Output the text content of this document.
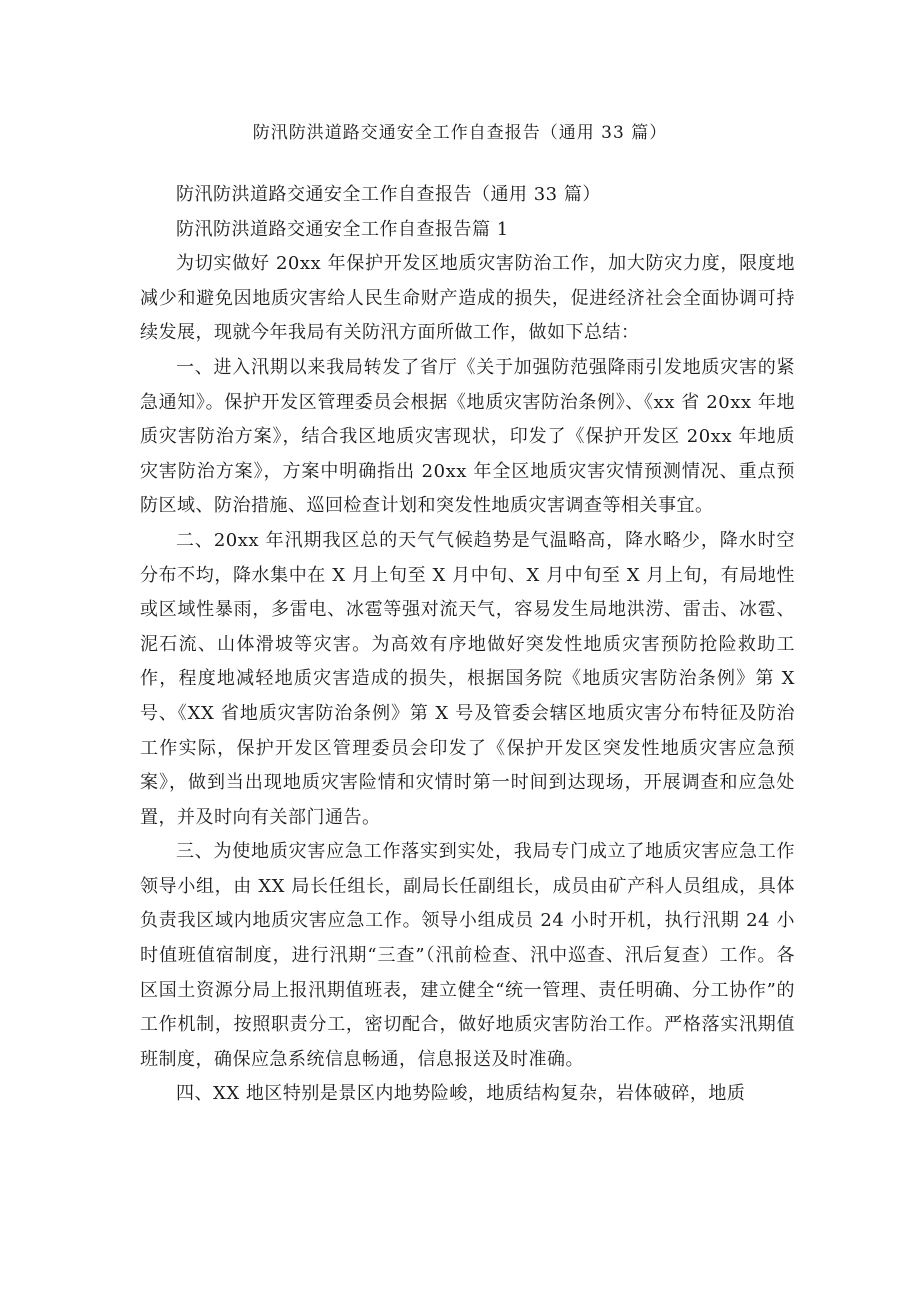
防汛防洪道路交通安全工作自查报告（通用 33 篇）

防汛防洪道路交通安全工作自查报告（通用 33 篇）

防汛防洪道路交通安全工作自查报告篇 1

为切实做好 20xx 年保护开发区地质灾害防治工作，加大防灾力度，限度地减少和避免因地质灾害给人民生命财产造成的损失，促进经济社会全面协调可持续发展，现就今年我局有关防汛方面所做工作，做如下总结：

一、进入汛期以来我局转发了省厅《关于加强防范强降雨引发地质灾害的紧急通知》。保护开发区管理委员会根据《地质灾害防治条例》、《xx 省 20xx 年地质灾害防治方案》，结合我区地质灾害现状，印发了《保护开发区 20xx 年地质灾害防治方案》，方案中明确指出 20xx 年全区地质灾害灾情预测情况、重点预防区域、防治措施、巡回检查计划和突发性地质灾害调查等相关事宜。

二、20xx 年汛期我区总的天气气候趋势是气温略高，降水略少，降水时空分布不均，降水集中在 X 月上旬至 X 月中旬、X 月中旬至 X 月上旬，有局地性或区域性暴雨，多雷电、冰雹等强对流天气，容易发生局地洪涝、雷击、冰雹、泥石流、山体滑坡等灾害。为高效有序地做好突发性地质灾害预防抢险救助工作，程度地减轻地质灾害造成的损失，根据国务院《地质灾害防治条例》第 X 号、《XX 省地质灾害防治条例》第 X 号及管委会辖区地质灾害分布特征及防治工作实际，保护开发区管理委员会印发了《保护开发区突发性地质灾害应急预案》，做到当出现地质灾害险情和灾情时第一时间到达现场，开展调查和应急处置，并及时向有关部门通告。

三、为使地质灾害应急工作落实到实处，我局专门成立了地质灾害应急工作领导小组，由 XX 局长任组长，副局长任副组长，成员由矿产科人员组成，具体负责我区域内地质灾害应急工作。领导小组成员 24 小时开机，执行汛期 24 小时值班值宿制度，进行汛期“三查”（汛前检查、汛中巡查、汛后复查）工作。各区国土资源分局上报汛期值班表，建立健全“统一管理、责任明确、分工协作”的工作机制，按照职责分工，密切配合，做好地质灾害防治工作。严格落实汛期值班制度，确保应急系统信息畅通，信息报送及时准确。

四、XX 地区特别是景区内地势险峻，地质结构复杂，岩体破碎，地质
